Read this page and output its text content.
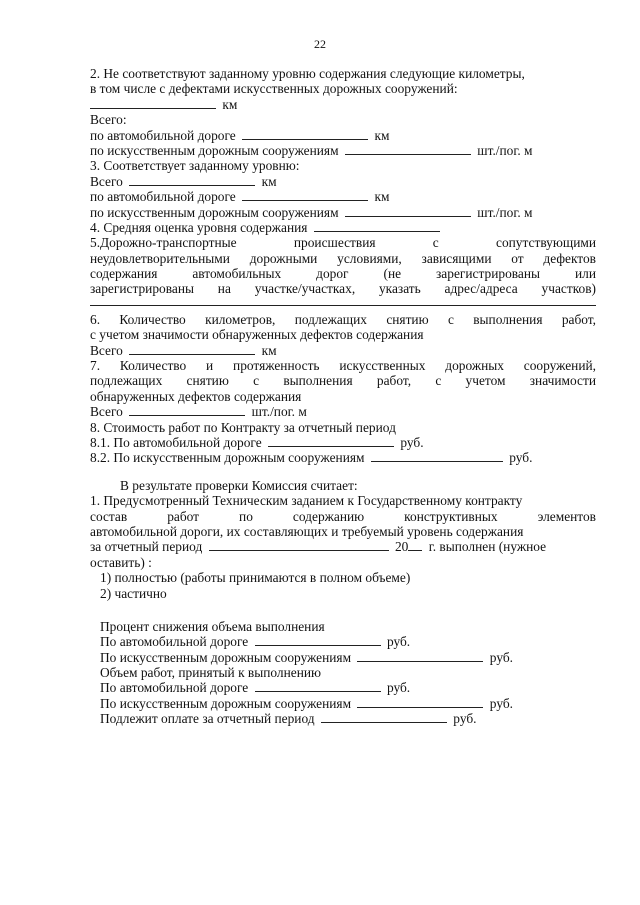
22
2. Не соответствуют заданному уровню содержания следующие километры,
в том числе с дефектами искусственных дорожных сооружений:
км
Всего:
по автомобильной дороге	км
по искусственным дорожным сооружениям	шт./пог. м
3. Соответствует заданному уровню:
Всего	км
по автомобильной дороге	км
по искусственным дорожным сооружениям	шт./пог. м
4. Средняя оценка уровня содержания
5.Дорожно-транспортные происшествия с сопутствующими
неудовлетворительными дорожными условиями, зависящими от дефектов
содержания автомобильных дорог (не зарегистрированы или
зарегистрированы на участке/участках, указать адрес/адреса участков)
6. Количество километров, подлежащих снятию с выполнения работ,
с учетом значимости обнаруженных дефектов содержания
Всего	км
7. Количество и протяженность искусственных дорожных сооружений,
подлежащих снятию с выполнения работ, с учетом значимости
обнаруженных дефектов содержания
Всего	шт./пог. м
8. Стоимость работ по Контракту за отчетный период
8.1. По автомобильной дороге	руб.
8.2. По искусственным дорожным сооружениям	руб.
В результате проверки Комиссия считает:
1. Предусмотренный Техническим заданием к Государственному контракту
состав работ по содержанию конструктивных элементов
автомобильной дороги, их составляющих и требуемый уровень содержания
за отчетный период	20 г. выполнен (нужное
оставить) :
1) полностью (работы принимаются в полном объеме)
2) частично
Процент снижения объема выполнения
По автомобильной дороге	руб.
По искусственным дорожным сооружениям	руб.
Объем работ, принятый к выполнению
По автомобильной дороге	руб.
По искусственным дорожным сооружениям	руб.
Подлежит оплате за отчетный период	руб.
